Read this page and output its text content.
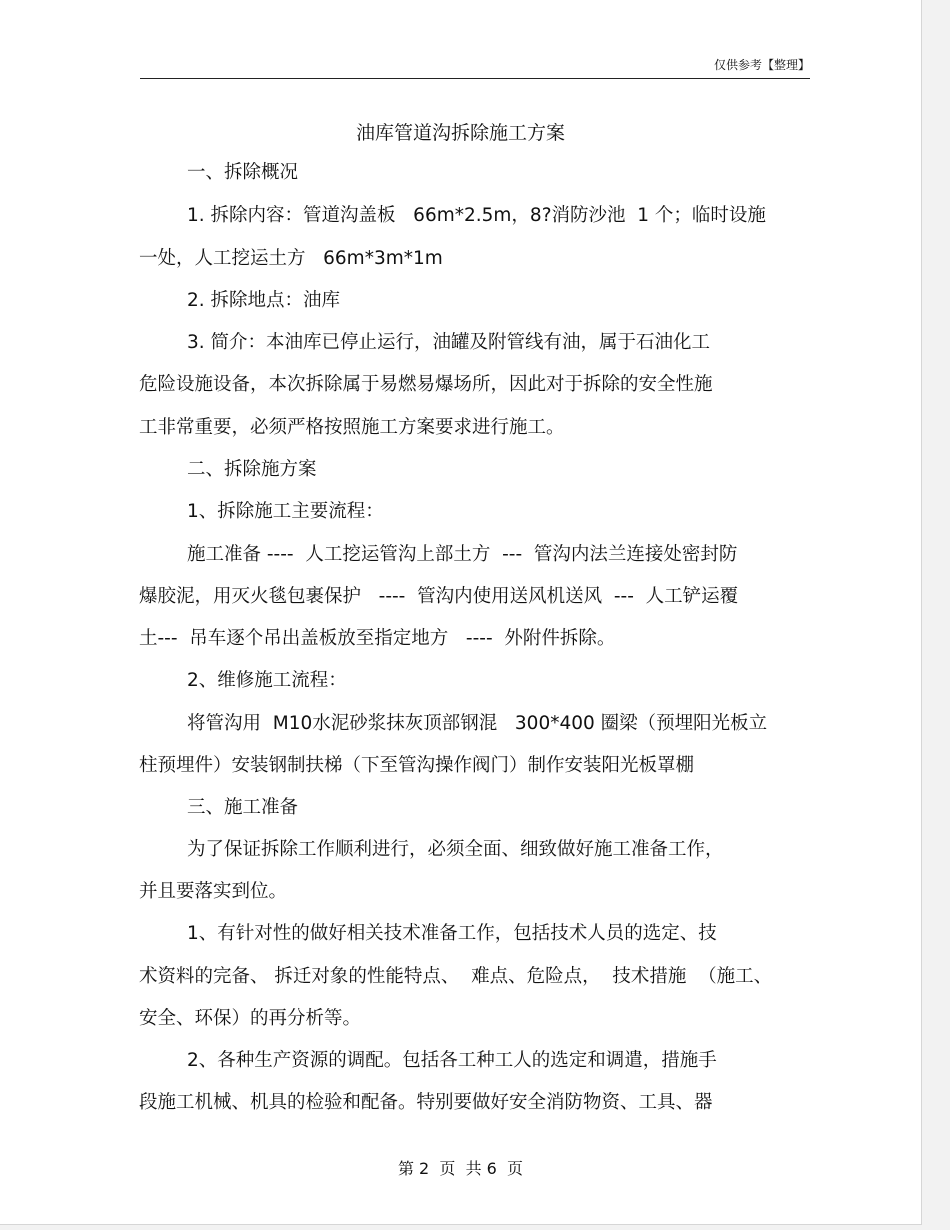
仅供参考【整理】
油库管道沟拆除施工方案
一、拆除概况
1. 拆除内容：管道沟盖板   66m*2.5m，8?消防沙池  1 个；临时设施
一处，人工挖运土方   66m*3m*1m
2. 拆除地点：油库
3. 简介：本油库已停止运行，油罐及附管线有油，属于石油化工
危险设施设备，本次拆除属于易燃易爆场所，因此对于拆除的安全性施
工非常重要，必须严格按照施工方案要求进行施工。
二、拆除施方案
1、拆除施工主要流程：
施工准备 ----  人工挖运管沟上部土方  ---  管沟内法兰连接处密封防
爆胶泥，用灭火毯包裹保护   ----  管沟内使用送风机送风  ---  人工铲运覆
土---  吊车逐个吊出盖板放至指定地方   ----  外附件拆除。
2、维修施工流程：
将管沟用  M10水泥砂浆抹灰顶部钢混   300*400 圈梁（预埋阳光板立
柱预埋件）安装钢制扶梯（下至管沟操作阀门）制作安装阳光板罩棚
三、施工准备
为了保证拆除工作顺利进行，必须全面、细致做好施工准备工作，
并且要落实到位。
1、有针对性的做好相关技术准备工作，包括技术人员的选定、技
术资料的完备、 拆迁对象的性能特点、  难点、危险点，  技术措施  （施工、
安全、环保）的再分析等。
2、各种生产资源的调配。包括各工种工人的选定和调遣，措施手
段施工机械、机具的检验和配备。特别要做好安全消防物资、工具、器
第 2  页  共 6  页
